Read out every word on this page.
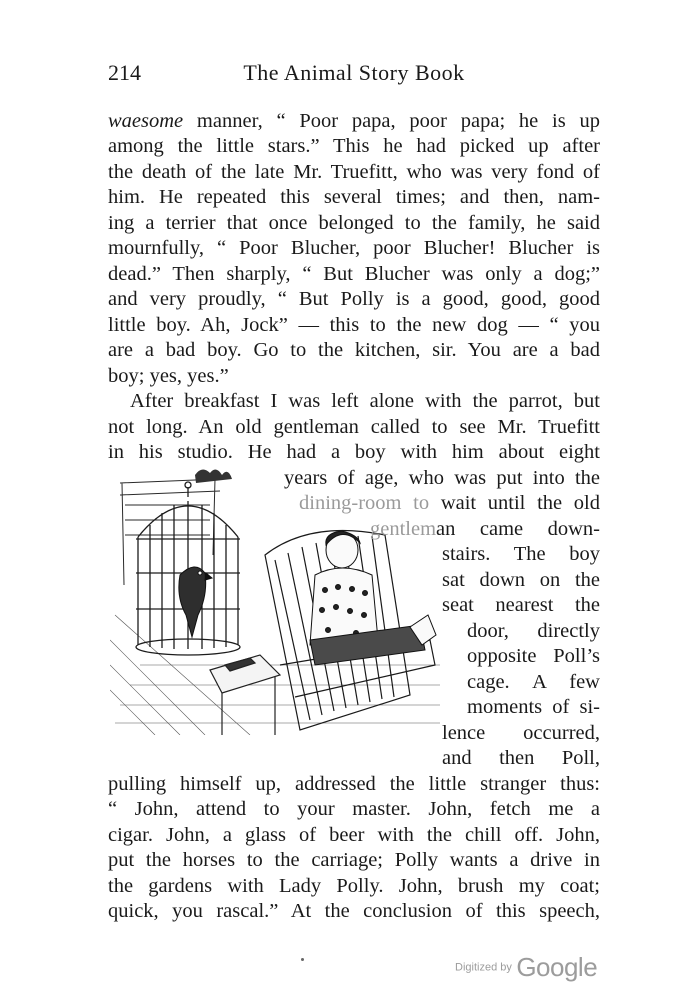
214	The Animal Story Book
waesome manner, “ Poor papa, poor papa; he is up
among the little stars.” This he had picked up after
the death of the late Mr. Truefitt, who was very fond of
him. He repeated this several times; and then, nam-
ing a terrier that once belonged to the family, he said
mournfully, “ Poor Blucher, poor Blucher! Blucher is
dead.” Then sharply, “ But Blucher was only a dog;”
and very proudly, “ But Polly is a good, good, good
little boy. Ah, Jock” — this to the new dog — “ you
are a bad boy. Go to the kitchen, sir. You are a bad
boy; yes, yes.”
After breakfast I was left alone with the parrot, but
not long. An old gentleman called to see Mr. Truefitt
in his studio. He had a boy with him about eight
years of age, who was put into the
dining-room to wait until the old
gentleman came down-
stairs. The boy
sat down on the
seat nearest the
door, directly
opposite Poll’s
cage. A few
moments of si-
lence occurred,
and then Poll,
pulling himself up, addressed the little stranger thus:
“ John, attend to your master. John, fetch me a
cigar. John, a glass of beer with the chill off. John,
put the horses to the carriage; Polly wants a drive in
the gardens with Lady Polly. John, brush my coat;
quick, you rascal.” At the conclusion of this speech,
Digitized by Google
